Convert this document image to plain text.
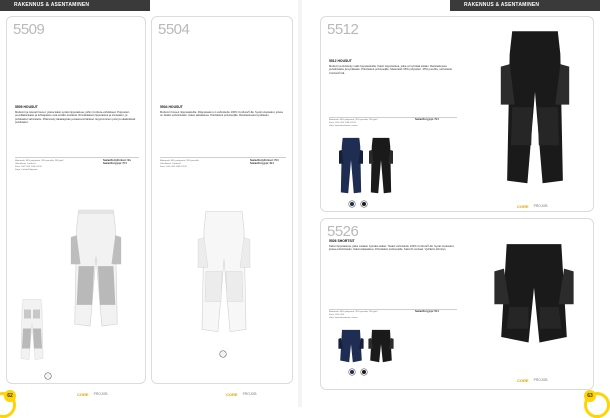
RAKENNUS & ASENTAMINEN
5509
5509 HOUSUT
Modernit ja istuvat housut, joissa kaksi syvää riipputaskua, joihin Cordura-vahvikkeet. Polyesteri-puuvillakankaan ja tuhkapaisto ovat erittäin kestäviä. Rinnakkaiset riipputaskut ja sivutaskut, ja polvitaskut vahvistettu. Pidennetty takakappale ja kaarevat lahkeet. Ergonominen polvi ja säädettävät polvitaskut.
Materiaali: 65% polyesteri, 35% puuvilla, 280 g/m²
Vahvikkeet: Cordura®
Koot: C44–C64, D96–D124
Sarja: Cotton/Polyester
Saatavilla kyltti-/koot: 32+
Saatavilla tyyppi: 75 €
CORE PROJOB
5504
5504 HOUSUT
Modernit housut riipputaskuilla. Riipputaskut on vahvistettu 100% Cordura®-llä. Syvät sivutaskut, joissa on lisäksi puhelintasku. Kaksi takataskua. Polvitaskut polvisuojille. Reisitaskussa kynätasku.
Materiaali: 65% polyesteri, 35% puuvilla
Vahvikkeet: Cordura®
Koot: C44–C64, D96–D124
Saatavilla kyltti-/koot: 79 €
Saatavilla tyyppi: 49 €
CORE PROJOB
62
RAKENNUS & ASENTAMINEN
5512
5512 HOUSUT
Moderni ja tiivistetty malli riipputaskuilla. Kaksi riipputaskua, jotka voi työntää sisään. Reisitaskussa puhelintasku ja kynätasku. Polvitaskut polvisuojille. Materiaali: 65% polyesteri, 35% puuvilla, vahvistettu Cordura®-llä.
Materiaali: 65% polyesteri, 35% puuvilla, 250 g/m²
Koot: C44–C64, D96–D124
Värit: laivastonsininen, musta
Saatavilla tyyppi: 79 €
CORE PROJOB
5526
5526 SHORTSIT
Kaksi riipputaskua, jotka voidaan työntää sisään. Taskut vahvistettu 100% Cordura®-llä. Syvät sivutaskut, joissa puhelintasku. Kaksi takataskua. Polvitaskut polvisuojille. Kaksi D-renkaat. Vyötärön kiinnitys.
Materiaali: 65% polyesteri, 35% puuvilla, 250 g/m²
Koot: C44–C64
Värit: laivastonsininen, musta
Saatavilla tyyppi: 59 €
CORE PROJOB
63
